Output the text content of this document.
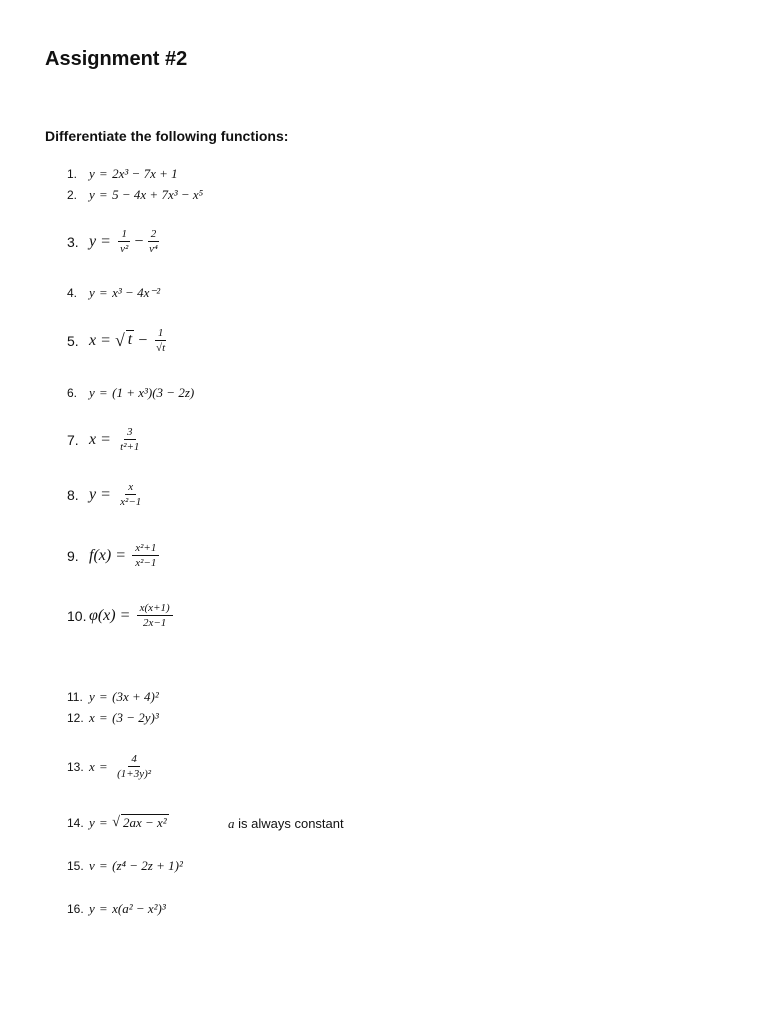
Assignment #2
Differentiate the following functions:
1. y = 2x³ − 7x + 1
2. y = 5 − 4x + 7x³ − x⁵
3. $y = \frac{1}{\text{v²}} - \frac{2}{\text{v⁴}}$
4. y = x³ − 4x⁻²
5. x = √ $t - \frac{1}{√t}$
6. y = (1 + x³)(3 − 2z)
7. $x = \frac{3}{\text{t²+1}}$
8. $y = \frac{x}{\text{x²−1}}$
9. $f(x) = \frac{\text{x²+1}}{\text{x²−1}}$
10. $\varphi(x) = \frac{x(x+1)}{2x-1}$
11. y = (3x + 4)²
12. x = (3 − 2y)³
13. $x = \frac{4}{\text{(1+3y)²}}$
14. y = √ 2ax − x²	a is always constant
15. v = (z⁴ − 2z + 1)²
16. y = x(a² − x²)³
